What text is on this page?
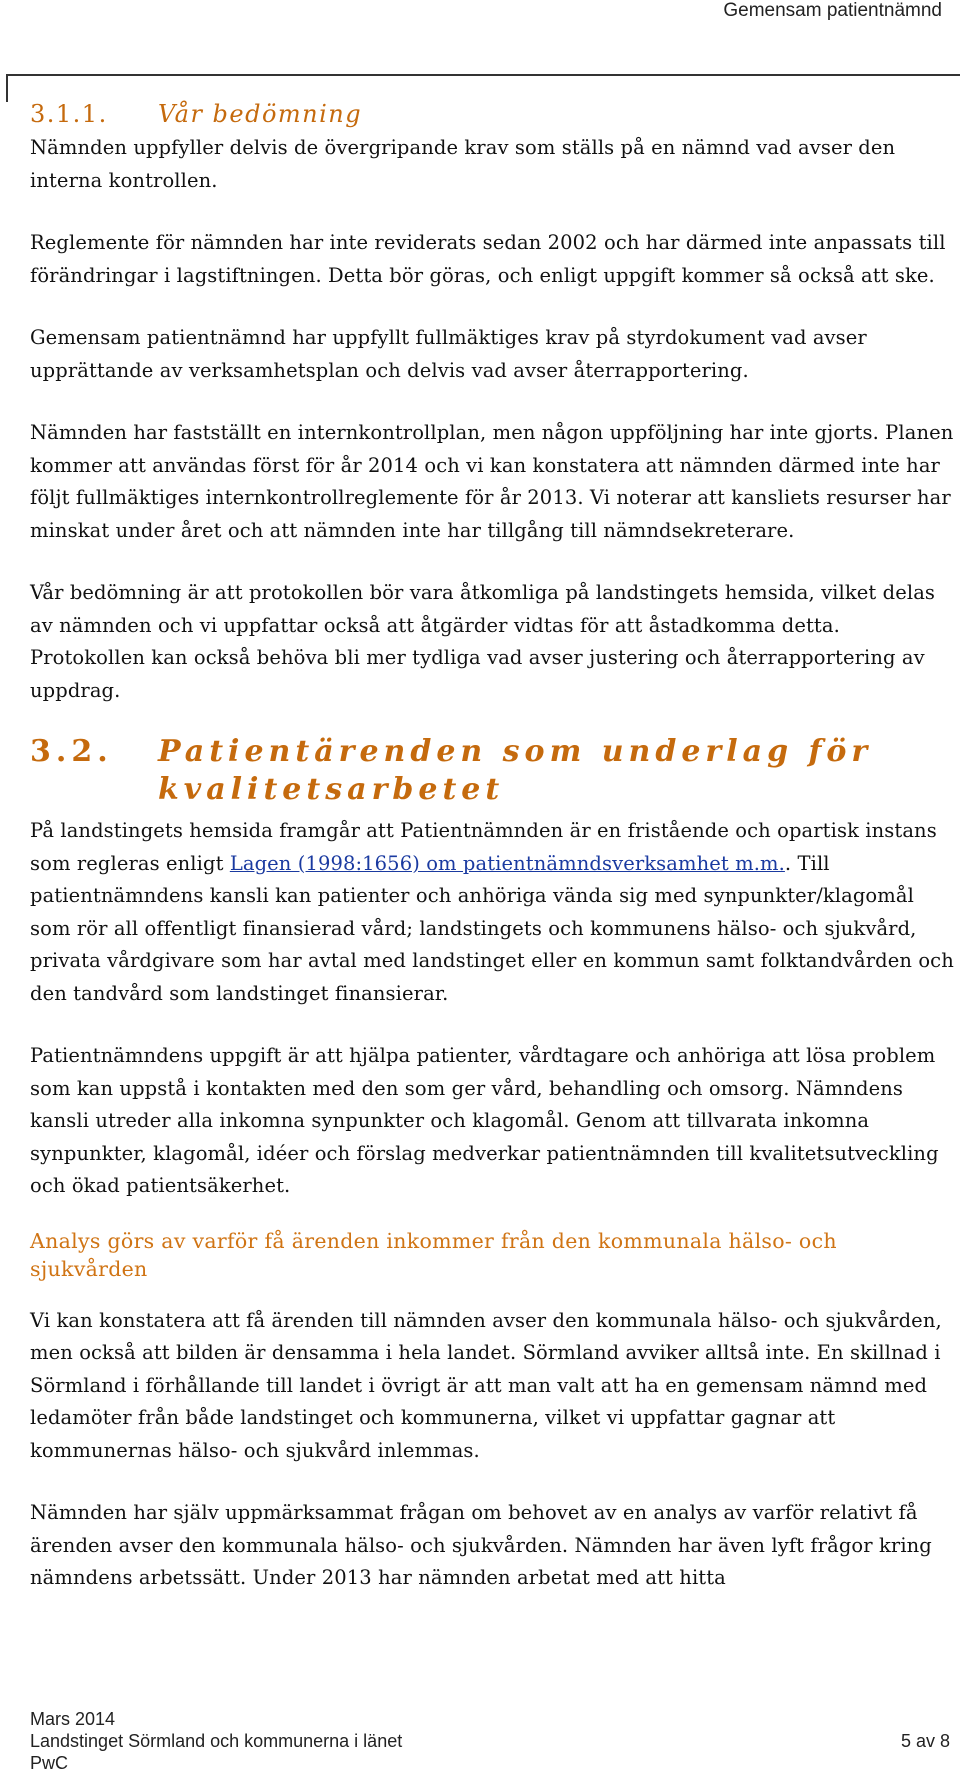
Gemensam patientnämnd
3.1.1. Vår bedömning

Nämnden uppfyller delvis de övergripande krav som ställs på en nämnd vad avser den interna kontrollen.

Reglemente för nämnden har inte reviderats sedan 2002 och har därmed inte anpassats till förändringar i lagstiftningen. Detta bör göras, och enligt uppgift kommer så också att ske.

Gemensam patientnämnd har uppfyllt fullmäktiges krav på styrdokument vad avser upprättande av verksamhetsplan och delvis vad avser återrapportering.

Nämnden har fastställt en internkontrollplan, men någon uppföljning har inte gjorts. Planen kommer att användas först för år 2014 och vi kan konstatera att nämnden därmed inte har följt fullmäktiges internkontrollreglemente för år 2013. Vi noterar att kansliets resurser har minskat under året och att nämnden inte har tillgång till nämndsekreterare.

Vår bedömning är att protokollen bör vara åtkomliga på landstingets hemsida, vilket delas av nämnden och vi uppfattar också att åtgärder vidtas för att åstadkomma detta. Protokollen kan också behöva bli mer tydliga vad avser justering och återrapportering av uppdrag.

3.2.	Patientärenden som underlag för kvalitetsarbetet

På landstingets hemsida framgår att Patientnämnden är en fristående och opartisk instans som regleras enligt Lagen (1998:1656) om patientnämndsverksamhet m.m.. Till patientnämndens kansli kan patienter och anhöriga vända sig med synpunkter/klagomål som rör all offentligt finansierad vård; landstingets och kommunens hälso- och sjukvård, privata vårdgivare som har avtal med landstinget eller en kommun samt folktandvården och den tandvård som landstinget finansierar.

Patientnämndens uppgift är att hjälpa patienter, vårdtagare och anhöriga att lösa problem som kan uppstå i kontakten med den som ger vård, behandling och omsorg. Nämndens kansli utreder alla inkomna synpunkter och klagomål. Genom att tillvarata inkomna synpunkter, klagomål, idéer och förslag medverkar patientnämnden till kvalitetsutveckling och ökad patientsäkerhet.

Analys görs av varför få ärenden inkommer från den kommunala hälso- och sjukvården

Vi kan konstatera att få ärenden till nämnden avser den kommunala hälso- och sjukvården, men också att bilden är densamma i hela landet. Sörmland avviker alltså inte. En skillnad i Sörmland i förhållande till landet i övrigt är att man valt att ha en gemensam nämnd med ledamöter från både landstinget och kommunerna, vilket vi uppfattar gagnar att kommunernas hälso- och sjukvård inlemmas.

Nämnden har själv uppmärksammat frågan om behovet av en analys av varför relativt få ärenden avser den kommunala hälso- och sjukvården. Nämnden har även lyft frågor kring nämndens arbetssätt. Under 2013 har nämnden arbetat med att hitta

Mars 2014
Landstinget Sörmland och kommunerna i länet
PwC
5 av 8
